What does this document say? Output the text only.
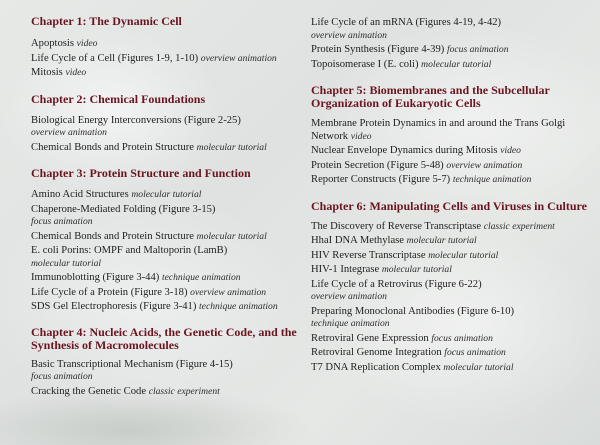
Chapter 1: The Dynamic Cell
Apoptosis video
Life Cycle of a Cell (Figures 1-9, 1-10) overview animation
Mitosis video
Chapter 2: Chemical Foundations
Biological Energy Interconversions (Figure 2-25)
overview animation
Chemical Bonds and Protein Structure molecular tutorial
Chapter 3: Protein Structure and Function
Amino Acid Structures molecular tutorial
Chaperone-Mediated Folding (Figure 3-15)
focus animation
Chemical Bonds and Protein Structure molecular tutorial
E. coli Porins: OMPF and Maltoporin (LamB)
molecular tutorial
Immunoblotting (Figure 3-44) technique animation
Life Cycle of a Protein (Figure 3-18) overview animation
SDS Gel Electrophoresis (Figure 3-41) technique animation
Chapter 4: Nucleic Acids, the Genetic Code, and the Synthesis of Macromolecules
Basic Transcriptional Mechanism (Figure 4-15)
focus animation
Cracking the Genetic Code classic experiment
Life Cycle of an mRNA (Figures 4-19, 4-42)
overview animation
Protein Synthesis (Figure 4-39) focus animation
Topoisomerase I (E. coli) molecular tutorial
Chapter 5: Biomembranes and the Subcellular Organization of Eukaryotic Cells
Membrane Protein Dynamics in and around the Trans Golgi Network video
Nuclear Envelope Dynamics during Mitosis video
Protein Secretion (Figure 5-48) overview animation
Reporter Constructs (Figure 5-7) technique animation
Chapter 6: Manipulating Cells and Viruses in Culture
The Discovery of Reverse Transcriptase classic experiment
HhaI DNA Methylase molecular tutorial
HIV Reverse Transcriptase molecular tutorial
HIV-1 Integrase molecular tutorial
Life Cycle of a Retrovirus (Figure 6-22)
overview animation
Preparing Monoclonal Antibodies (Figure 6-10)
technique animation
Retroviral Gene Expression focus animation
Retroviral Genome Integration focus animation
T7 DNA Replication Complex molecular tutorial
